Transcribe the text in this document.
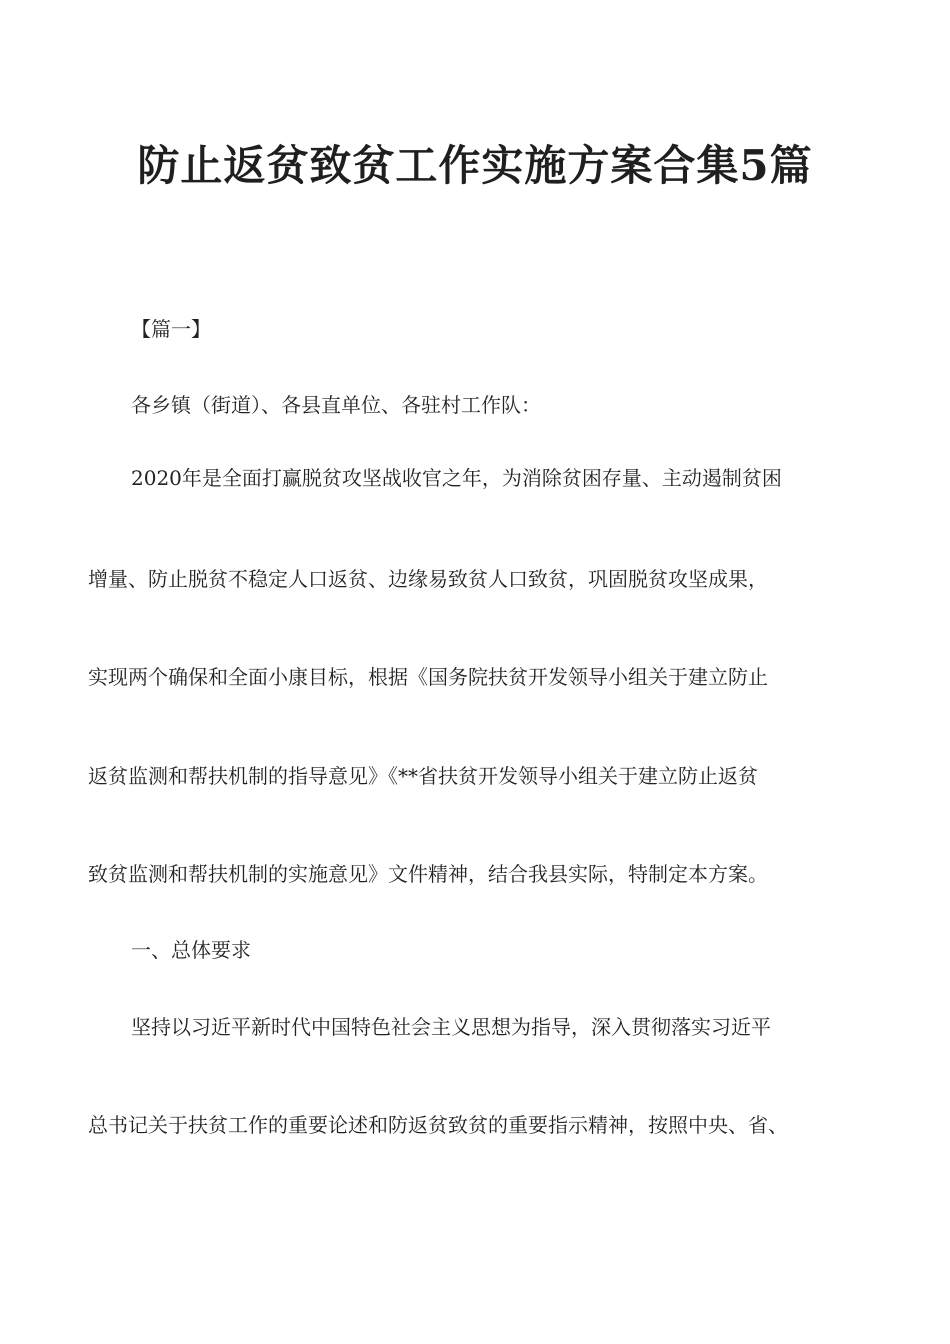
防止返贫致贫工作实施方案合集5篇

【篇一】

各乡镇（街道）、各县直单位、各驻村工作队：

2020年是全面打赢脱贫攻坚战收官之年，为消除贫困存量、主动遏制贫困

增量、防止脱贫不稳定人口返贫、边缘易致贫人口致贫，巩固脱贫攻坚成果，

实现两个确保和全面小康目标，根据《国务院扶贫开发领导小组关于建立防止

返贫监测和帮扶机制的指导意见》《**省扶贫开发领导小组关于建立防止返贫

致贫监测和帮扶机制的实施意见》文件精神，结合我县实际，特制定本方案。

一、总体要求

坚持以习近平新时代中国特色社会主义思想为指导，深入贯彻落实习近平

总书记关于扶贫工作的重要论述和防返贫致贫的重要指示精神，按照中央、省、
